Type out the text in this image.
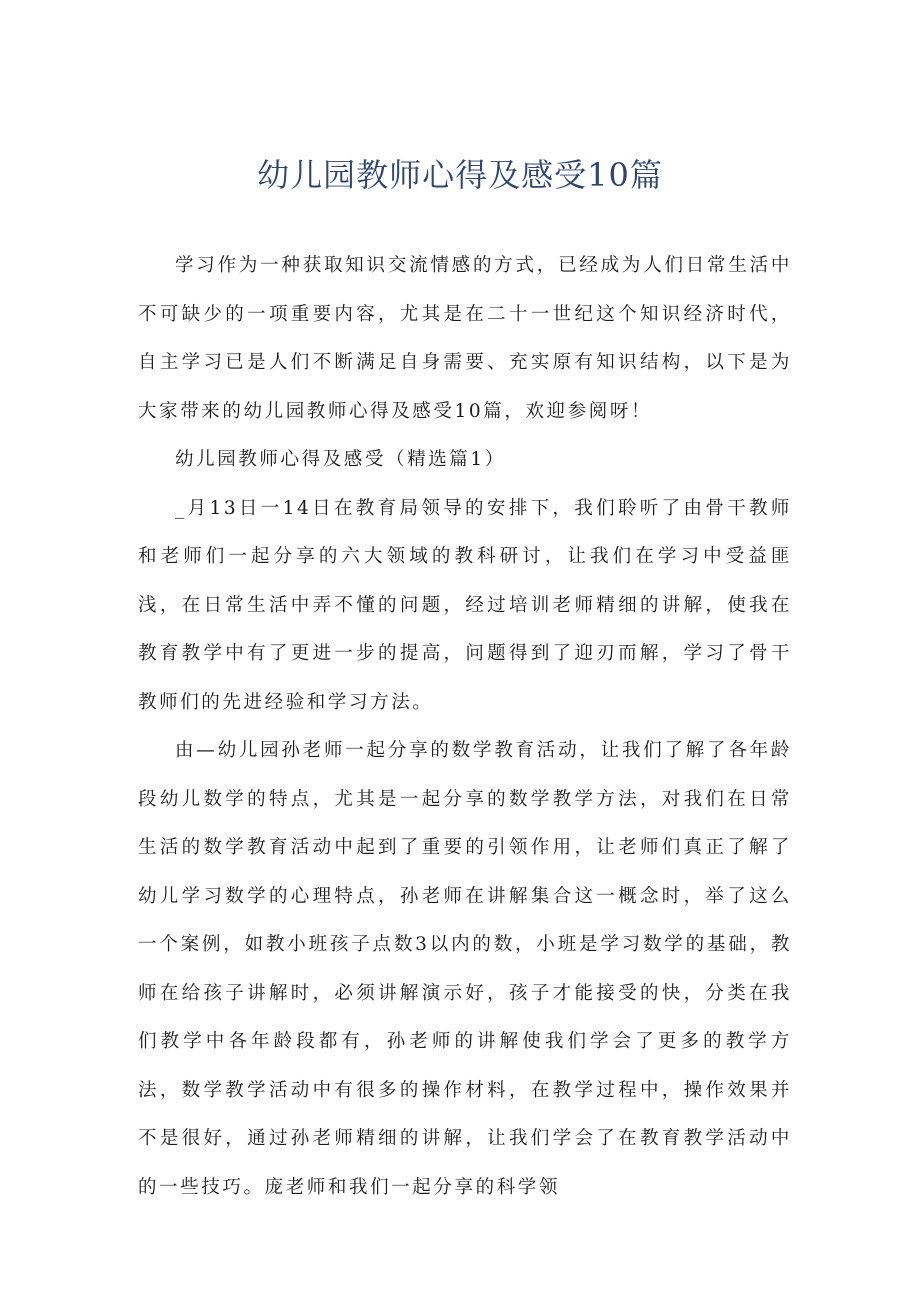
幼儿园教师心得及感受10篇

学习作为一种获取知识交流情感的方式，已经成为人们日常生活中不可缺少的一项重要内容，尤其是在二十一世纪这个知识经济时代，自主学习已是人们不断满足自身需要、充实原有知识结构，以下是为大家带来的幼儿园教师心得及感受10篇，欢迎参阅呀！

幼儿园教师心得及感受（精选篇1）

_月13日一14日在教育局领导的安排下，我们聆听了由骨干教师和老师们一起分享的六大领域的教科研讨，让我们在学习中受益匪浅，在日常生活中弄不懂的问题，经过培训老师精细的讲解，使我在教育教学中有了更进一步的提高，问题得到了迎刃而解，学习了骨干教师们的先进经验和学习方法。

由—幼儿园孙老师一起分享的数学教育活动，让我们了解了各年龄段幼儿数学的特点，尤其是一起分享的数学教学方法，对我们在日常生活的数学教育活动中起到了重要的引领作用，让老师们真正了解了幼儿学习数学的心理特点，孙老师在讲解集合这一概念时，举了这么一个案例，如教小班孩子点数3以内的数，小班是学习数学的基础，教师在给孩子讲解时，必须讲解演示好，孩子才能接受的快，分类在我们教学中各年龄段都有，孙老师的讲解使我们学会了更多的教学方法，数学教学活动中有很多的操作材料，在教学过程中，操作效果并不是很好，通过孙老师精细的讲解，让我们学会了在教育教学活动中的一些技巧。庞老师和我们一起分享的科学领
